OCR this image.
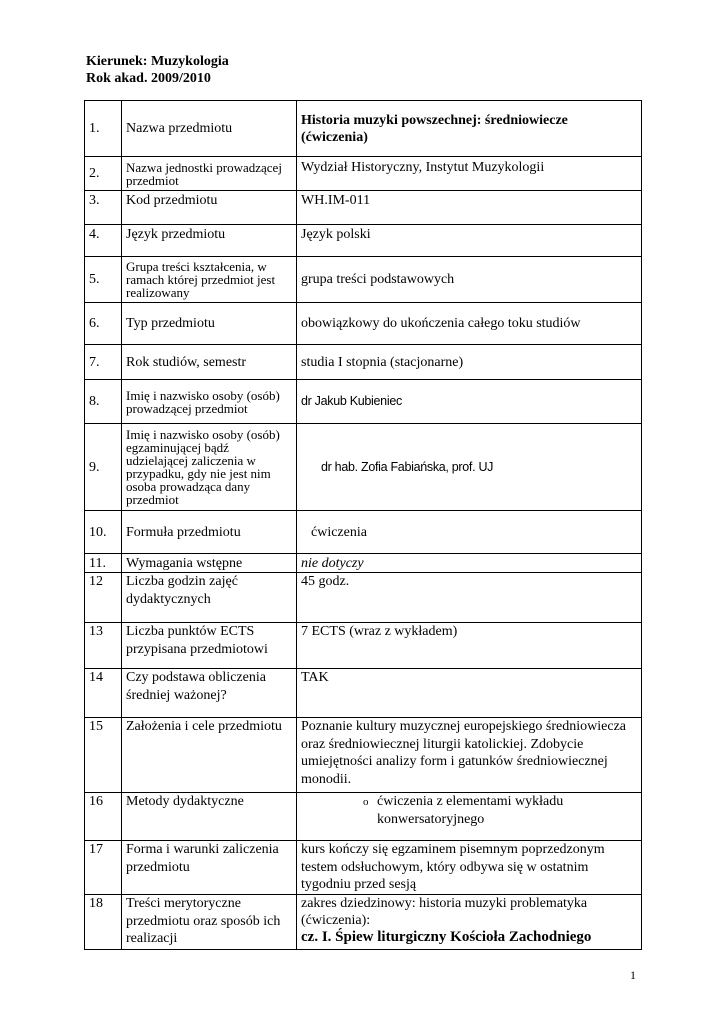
Kierunek: Muzykologia
Rok akad. 2009/2010
1.	Nazwa przedmiotu	Historia muzyki powszechnej: średniowiecze (ćwiczenia)
2.	Nazwa jednostki prowadzącej przedmiot	Wydział Historyczny, Instytut Muzykologii
3.	Kod przedmiotu	WH.IM-011
4.	Język przedmiotu	Język polski
5.	Grupa treści kształcenia, w ramach której przedmiot jest realizowany	grupa treści podstawowych
6.	Typ przedmiotu	obowiązkowy do ukończenia całego toku studiów
7.	Rok studiów, semestr	studia I stopnia (stacjonarne)
8.	Imię i nazwisko osoby (osób) prowadzącej przedmiot	dr Jakub Kubieniec
9.	Imię i nazwisko osoby (osób) egzaminującej bądź udzielającej zaliczenia w przypadku, gdy nie jest nim osoba prowadząca dany przedmiot	dr hab. Zofia Fabiańska, prof. UJ
10.	Formuła przedmiotu	ćwiczenia
11.	Wymagania wstępne	nie dotyczy
12	Liczba godzin zajęć dydaktycznych	45 godz.
13	Liczba punktów ECTS przypisana przedmiotowi	7 ECTS (wraz z wykładem)
14	Czy podstawa obliczenia średniej ważonej?	TAK
15	Założenia i cele przedmiotu	Poznanie kultury muzycznej europejskiego średniowiecza oraz średniowiecznej liturgii katolickiej. Zdobycie umiejętności analizy form i gatunków średniowiecznej monodii.
16	Metody dydaktyczne	o ćwiczenia z elementami wykładu konwersatoryjnego

17	Forma i warunki zaliczenia przedmiotu	kurs kończy się egzaminem pisemnym poprzedzonym testem odsłuchowym, który odbywa się w ostatnim tygodniu przed sesją
18	Treści merytoryczne przedmiotu oraz sposób ich realizacji	zakres dziedzinowy: historia muzyki problematyka (ćwiczenia):
cz. I. Śpiew liturgiczny Kościoła Zachodniego
1
